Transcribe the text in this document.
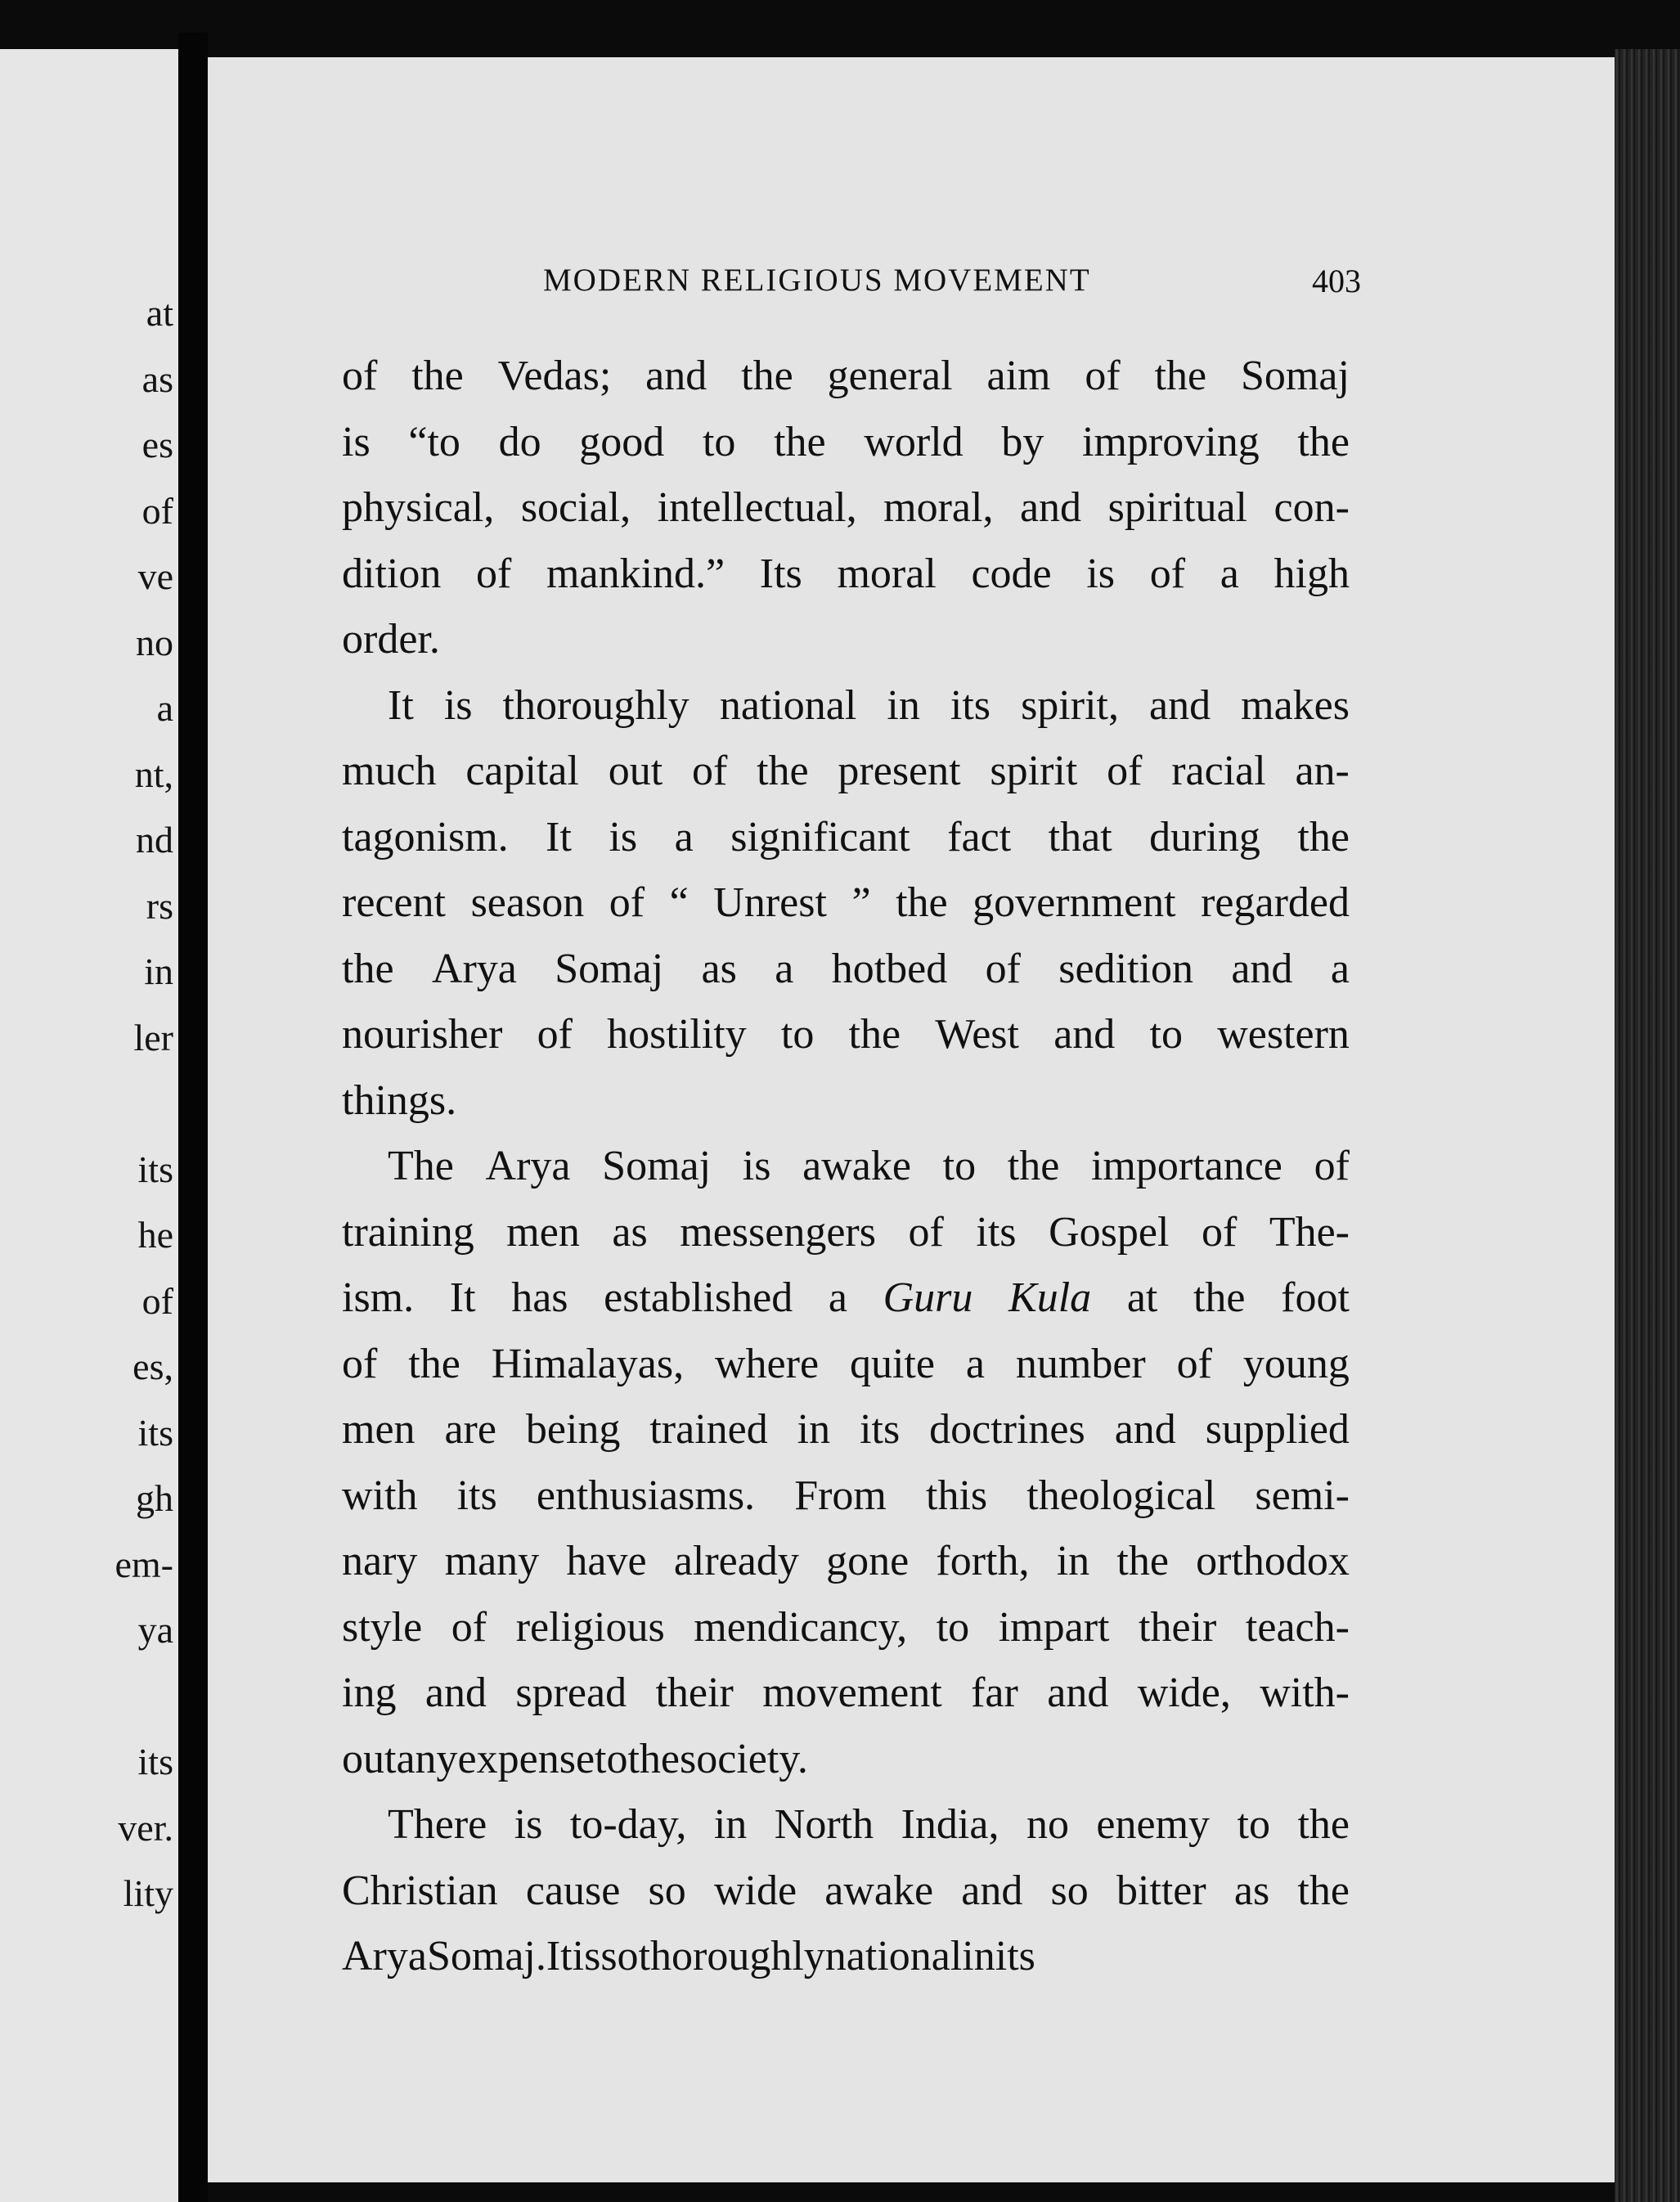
at
as
es
of
ve
no
a
nt,
nd
rs
in
ler
its
he
of
es,
its
gh
em-
ya
its
ver.
lity
MODERN RELIGIOUS MOVEMENT	403
of the Vedas; and the general aim of the Somaj
is “to do good to the world by improving the
physical, social, intellectual, moral, and spiritual con-
dition of mankind.” Its moral code is of a high
order.
It is thoroughly national in its spirit, and makes
much capital out of the present spirit of racial an-
tagonism. It is a significant fact that during the
recent season of “ Unrest ” the government regarded
the Arya Somaj as a hotbed of sedition and a
nourisher of hostility to the West and to western
things.
The Arya Somaj is awake to the importance of
training men as messengers of its Gospel of The-
ism. It has established a Guru Kula at the foot
of the Himalayas, where quite a number of young
men are being trained in its doctrines and supplied
with its enthusiasms. From this theological semi-
nary many have already gone forth, in the orthodox
style of religious mendicancy, to impart their teach-
ing and spread their movement far and wide, with-
out any expense to the society.
There is to-day, in North India, no enemy to the
Christian cause so wide awake and so bitter as the
Arya Somaj. It is so thoroughly national in its
